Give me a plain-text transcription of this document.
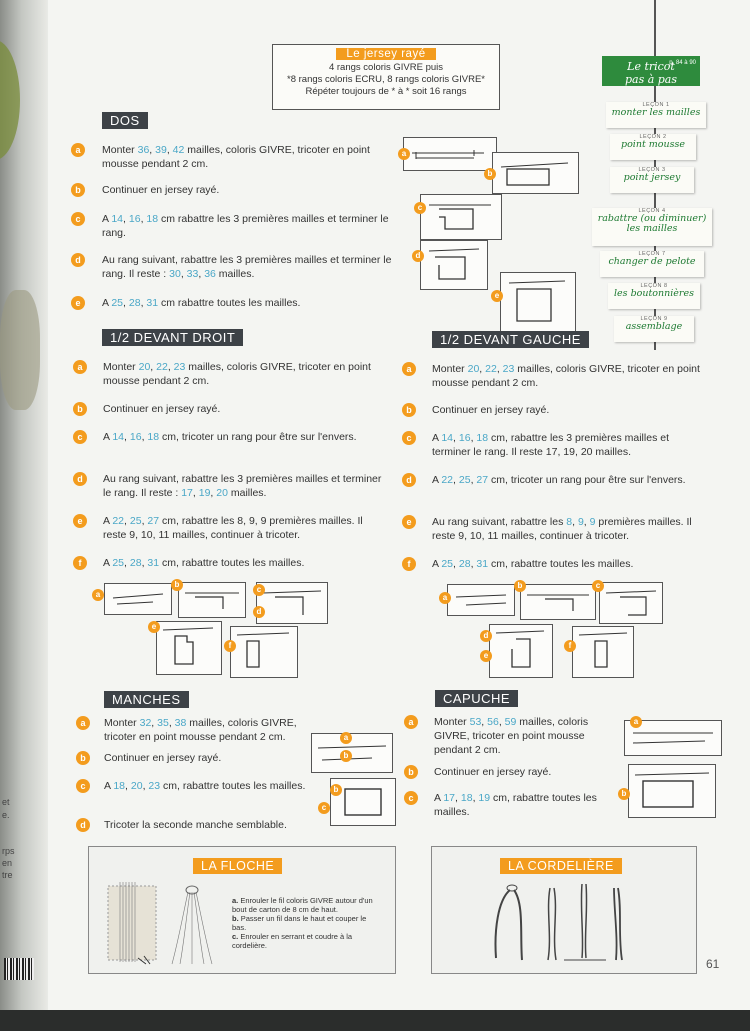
et
e.
rps
en
tre
Le jersey rayé
4 rangs coloris GIVRE puis
*8 rangs coloris ECRU, 8 rangs coloris GIVRE*
Répéter toujours de * à * soit 16 rangs
p. 84 à 90
Le tricot
pas à pas
LEÇON 1
monter les mailles
LEÇON 2
point mousse
LEÇON 3
point jersey
LEÇON 4
rabattre (ou diminuer) les mailles
LEÇON 7
changer de pelote
LEÇON 8
les boutonnières
LEÇON 9
assemblage
DOS
a	Monter 36, 39, 42 mailles, coloris GIVRE, tricoter en point mousse pendant 2 cm.
b	Continuer en jersey rayé.
c	A 14, 16, 18 cm rabattre les 3 premières mailles et terminer le rang.
d	Au rang suivant, rabattre les 3 premières mailles et terminer le rang. Il reste : 30, 33, 36 mailles.
e	A 25, 28, 31 cm rabattre toutes les mailles.
a
b
c
d
e
1/2 DEVANT DROIT
a	Monter 20, 22, 23 mailles, coloris GIVRE, tricoter en point mousse pendant 2 cm.
b	Continuer en jersey rayé.
c	A 14, 16, 18 cm, tricoter un rang pour être sur l'envers.
d	Au rang suivant, rabattre les 3 premières mailles et terminer le rang. Il reste : 17, 19, 20 mailles.
e	A 22, 25, 27 cm, rabattre les 8, 9, 9 premières mailles. Il reste 9, 10, 11 mailles, continuer à tricoter.
f	A 25, 28, 31 cm, rabattre toutes les mailles.
1/2 DEVANT GAUCHE
a	Monter 20, 22, 23 mailles, coloris GIVRE, tricoter en point mousse pendant 2 cm.
b	Continuer en jersey rayé.
c	A 14, 16, 18 cm, rabattre les 3 premières mailles et terminer le rang. Il reste 17, 19, 20 mailles.
d	A 22, 25, 27 cm, tricoter un rang pour être sur l'envers.
e	Au rang suivant, rabattre les 8, 9, 9 premières mailles. Il reste 9, 10, 11 mailles, continuer à tricoter.
f	A 25, 28, 31 cm, rabattre toutes les mailles.
a
b
c
d
e
f
a
b	c
d
e
f
MANCHES
a	Monter 32, 35, 38 mailles, coloris GIVRE, tricoter en point mousse pendant 2 cm.
b	Continuer en jersey rayé.
c	A 18, 20, 23 cm, rabattre toutes les mailles.
d	Tricoter la seconde manche semblable.
a
b
b
c
CAPUCHE
a	Monter 53, 56, 59 mailles, coloris GIVRE, tricoter en point mousse pendant 2 cm.
b	Continuer en jersey rayé.
c	A 17, 18, 19 cm, rabattre toutes les mailles.
a
b
LA FLOCHE
a. Enrouler le fil coloris GIVRE autour d'un bout de carton de 8 cm de haut.
b. Passer un fil dans le haut et couper le bas.
c. Enrouler en serrant et coudre à la cordelière.
LA CORDELIÈRE
61
